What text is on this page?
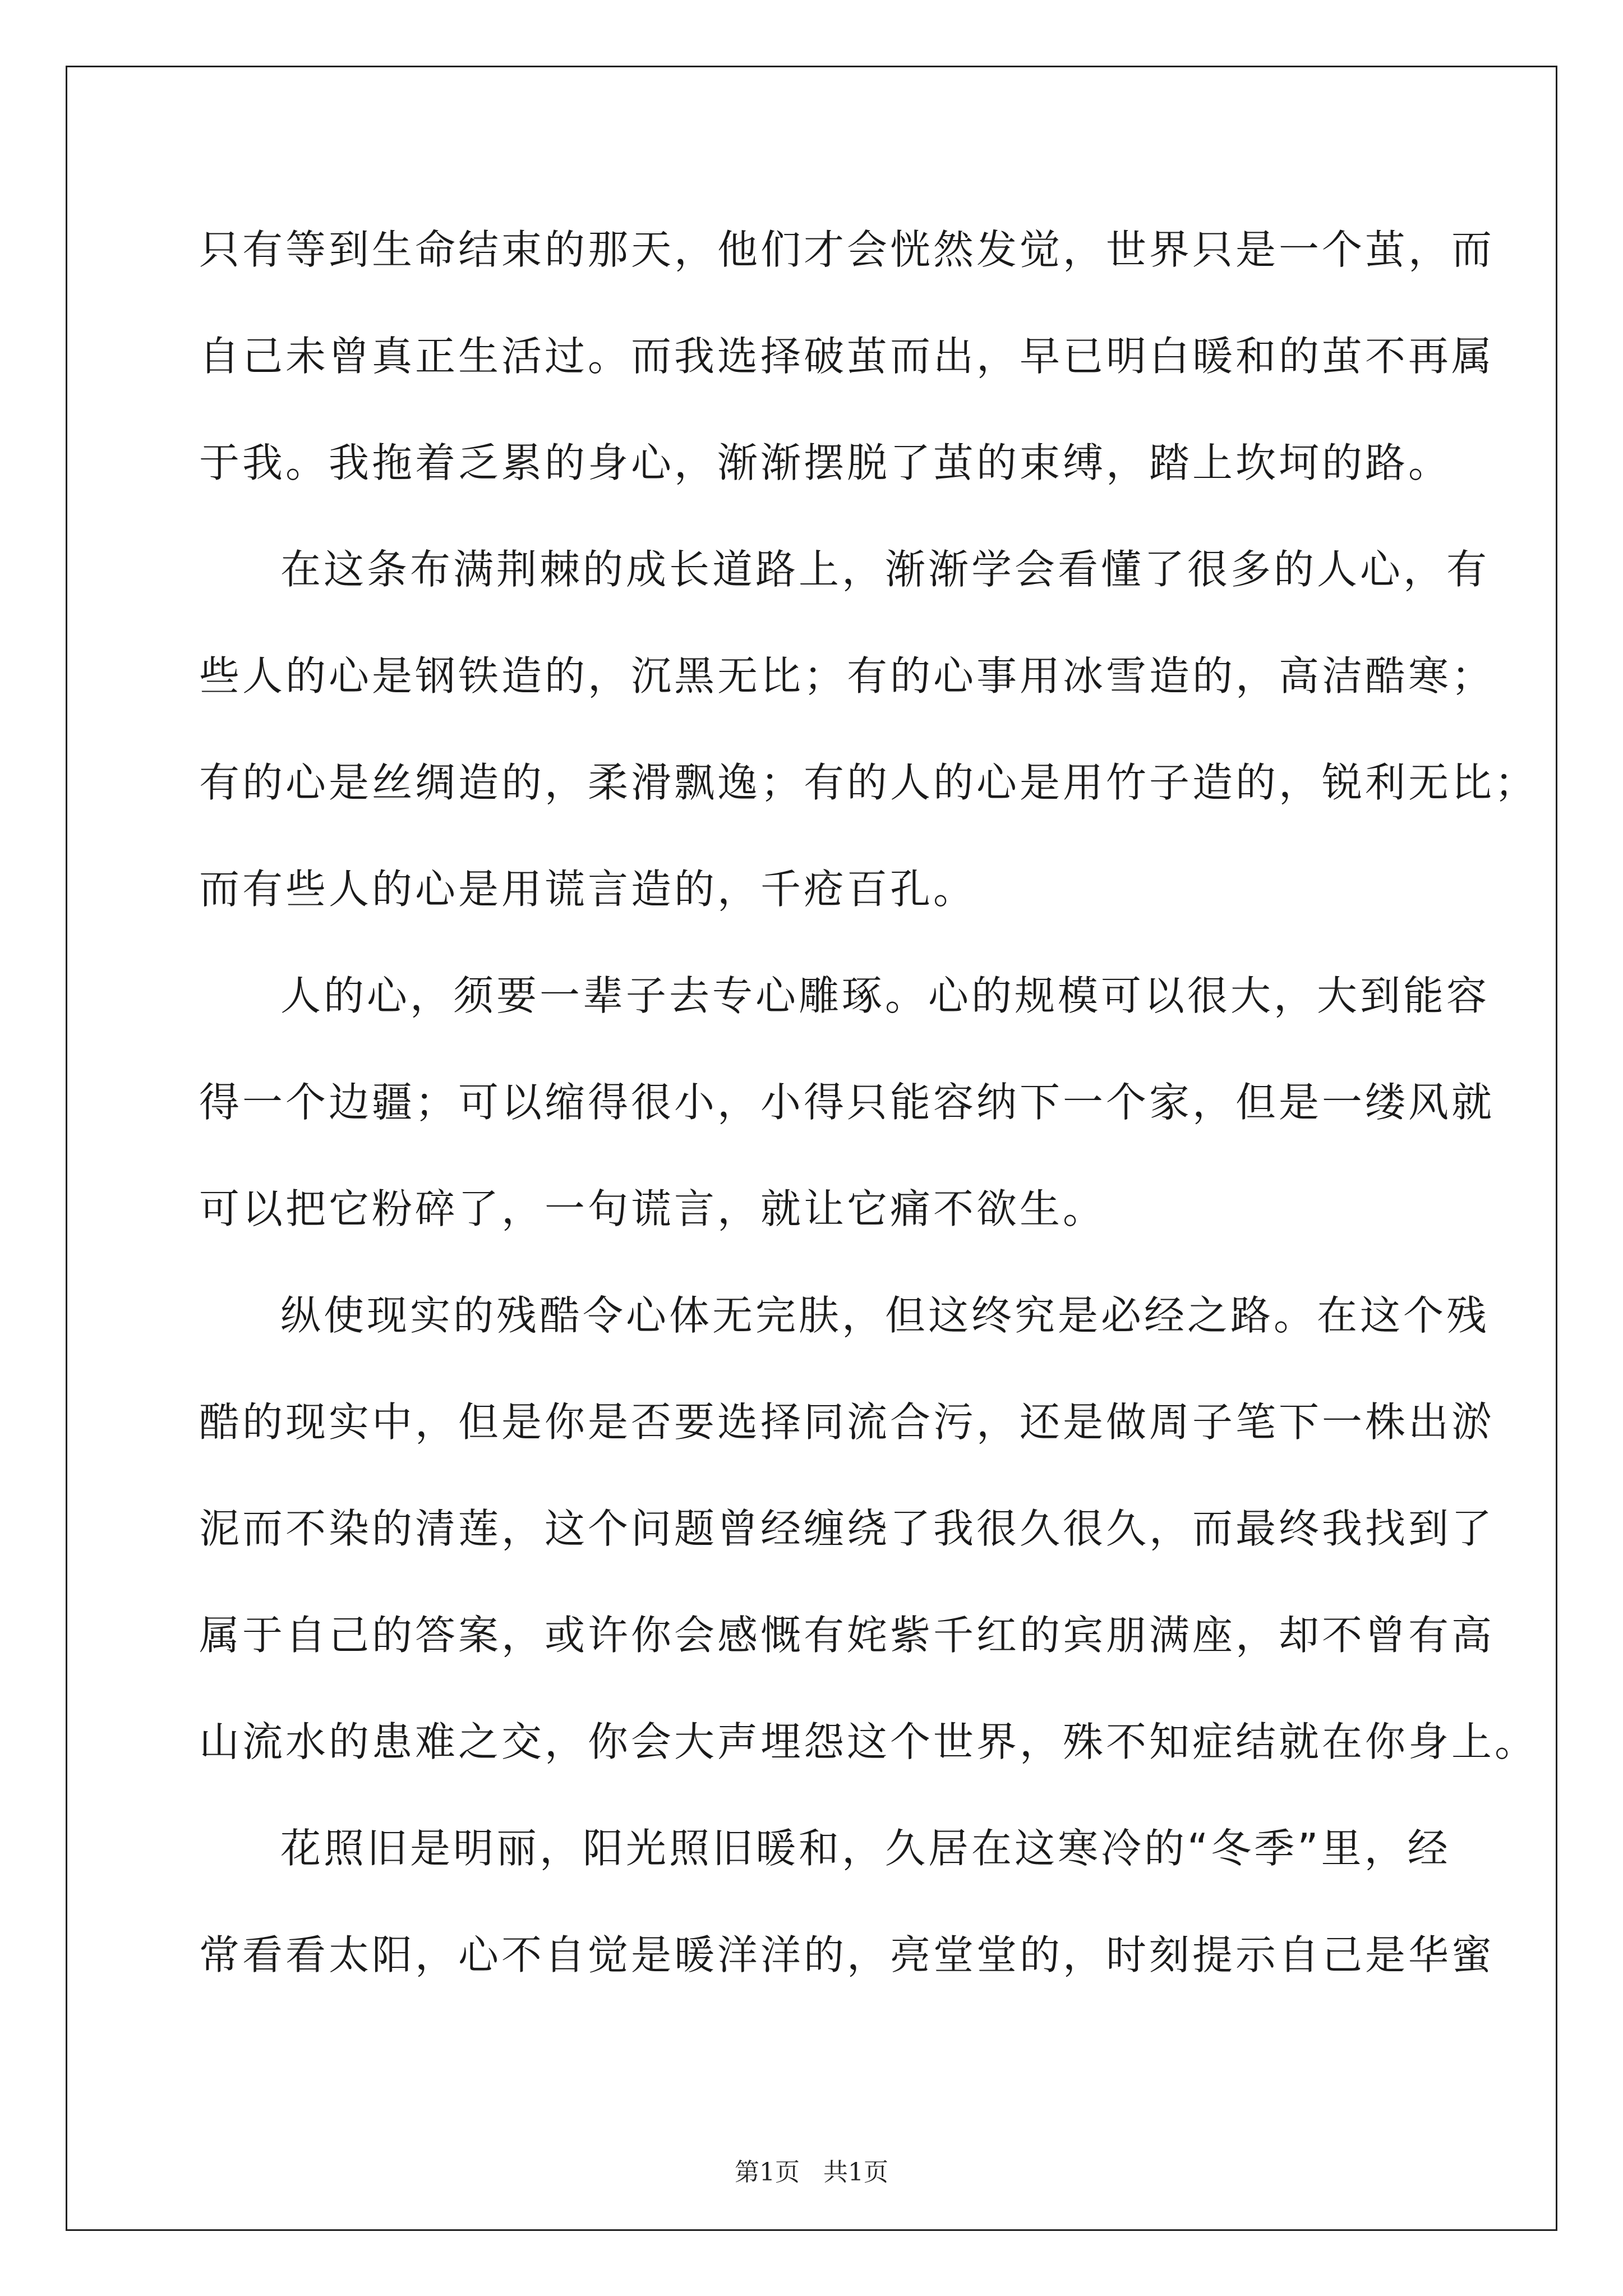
只有等到生命结束的那天，他们才会恍然发觉，世界只是一个茧，而
自己未曾真正生活过。而我选择破茧而出，早已明白暖和的茧不再属
于我。我拖着乏累的身心，渐渐摆脱了茧的束缚，踏上坎坷的路。
在这条布满荆棘的成长道路上，渐渐学会看懂了很多的人心，有
些人的心是钢铁造的，沉黑无比；有的心事用冰雪造的，高洁酷寒；
有的心是丝绸造的，柔滑飘逸；有的人的心是用竹子造的，锐利无比；
而有些人的心是用谎言造的，千疮百孔。
人的心，须要一辈子去专心雕琢。心的规模可以很大，大到能容
得一个边疆；可以缩得很小，小得只能容纳下一个家，但是一缕风就
可以把它粉碎了，一句谎言，就让它痛不欲生。
纵使现实的残酷令心体无完肤，但这终究是必经之路。在这个残
酷的现实中，但是你是否要选择同流合污，还是做周子笔下一株出淤
泥而不染的清莲，这个问题曾经缠绕了我很久很久，而最终我找到了
属于自己的答案，或许你会感慨有姹紫千红的宾朋满座，却不曾有高
山流水的患难之交，你会大声埋怨这个世界，殊不知症结就在你身上。
花照旧是明丽，阳光照旧暖和，久居在这寒冷的“冬季”里，经
常看看太阳，心不自觉是暖洋洋的，亮堂堂的，时刻提示自己是华蜜
第1页   共1页
